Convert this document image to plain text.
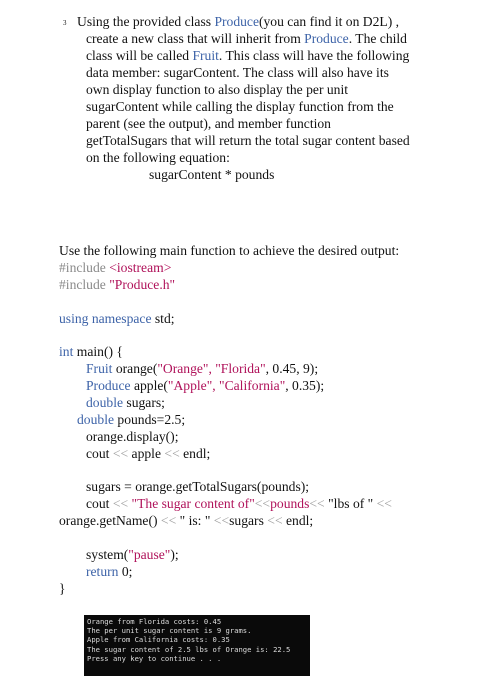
3 Using the provided class Produce(you can find it on D2L) ,
create a new class that will inherit from Produce. The child
class will be called Fruit. This class will have the following
data member: sugarContent. The class will also have its
own display function to also display the per unit
sugarContent while calling the display function from the
parent (see the output), and member function
getTotalSugars that will return the total sugar content based
on the following equation:
sugarContent * pounds
Use the following main function to achieve the desired output:
#include <iostream>
#include "Produce.h"
using namespace std;
int main() {
Fruit orange("Orange", "Florida", 0.45, 9);
Produce apple("Apple", "California", 0.35);
double sugars;
double pounds=2.5;
orange.display();
cout << apple << endl;
sugars = orange.getTotalSugars(pounds);
cout << "The sugar content of"<<pounds<< "lbs of " <<
orange.getName() << " is: " <<sugars << endl;
system("pause");
return 0;
}
Orange from Florida costs: 0.45
The per unit sugar content is 9 grams.
Apple from California costs: 0.35
The sugar content of 2.5 lbs of Orange is: 22.5
Press any key to continue . . .
